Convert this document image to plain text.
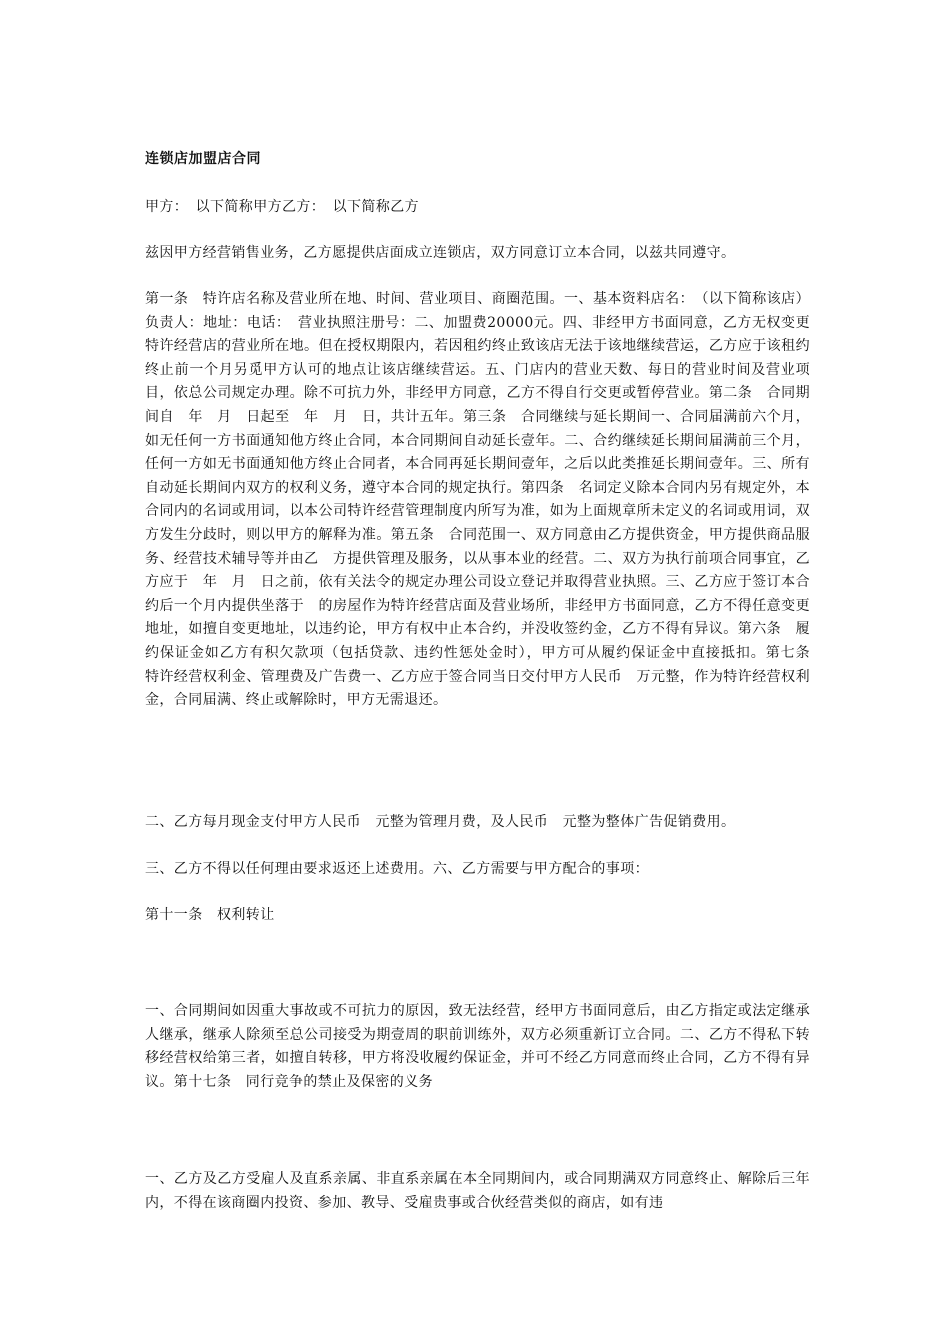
连锁店加盟店合同
甲方：　以下简称甲方乙方：　以下简称乙方
兹因甲方经营销售业务，乙方愿提供店面成立连锁店，双方同意订立本合同，以兹共同遵守。
第一条　特许店名称及营业所在地、时间、营业项目、商圈范围。一、基本资料店名：　（以下简称该店）负责人：地址：电话：　营业执照注册号：二、加盟费20000元。四、非经甲方书面同意，乙方无权变更特许经营店的营业所在地。但在授权期限内，若因租约终止致该店无法于该地继续营运，乙方应于该租约终止前一个月另觅甲方认可的地点让该店继续营运。五、门店内的营业天数、每日的营业时间及营业项目，依总公司规定办理。除不可抗力外，非经甲方同意，乙方不得自行交更或暂停营业。第二条　合同期间自　年　月　日起至　年　月　日，共计五年。第三条　合同继续与延长期间一、合同届满前六个月，如无任何一方书面通知他方终止合同，本合同期间自动延长壹年。二、合约继续延长期间届满前三个月，任何一方如无书面通知他方终止合同者，本合同再延长期间壹年，之后以此类推延长期间壹年。三、所有自动延长期间内双方的权利义务，遵守本合同的规定执行。第四条　名词定义除本合同内另有规定外，本合同内的名词或用词，以本公司特许经营管理制度内所写为准，如为上面规章所未定义的名词或用词，双方发生分歧时，则以甲方的解释为准。第五条　合同范围一、双方同意由乙方提供资金，甲方提供商品服务、经营技术辅导等并由乙　方提供管理及服务，以从事本业的经营。二、双方为执行前项合同事宜，乙方应于　年　月　日之前，依有关法令的规定办理公司设立登记并取得营业执照。三、乙方应于签订本合约后一个月内提供坐落于　的房屋作为特许经营店面及营业场所，非经甲方书面同意，乙方不得任意变更地址，如擅自变更地址，以违约论，甲方有权中止本合约，并没收签约金，乙方不得有异议。第六条　履约保证金如乙方有积欠款项（包括贷款、违约性惩处金时），甲方可从履约保证金中直接抵扣。第七条　特许经营权利金、管理费及广告费一、乙方应于签合同当日交付甲方人民币　万元整，作为特许经营权利金，合同届满、终止或解除时，甲方无需退还。
二、乙方每月现金支付甲方人民币　元整为管理月费，及人民币　元整为整体广告促销费用。
三、乙方不得以任何理由要求返还上述费用。六、乙方需要与甲方配合的事项：
第十一条　权利转让
一、合同期间如因重大事故或不可抗力的原因，致无法经营，经甲方书面同意后，由乙方指定或法定继承人继承，继承人除须至总公司接受为期壹周的职前训练外，双方必须重新订立合同。二、乙方不得私下转移经营权给第三者，如擅自转移，甲方将没收履约保证金，并可不经乙方同意而终止合同，乙方不得有异议。第十七条　同行竞争的禁止及保密的义务
一、乙方及乙方受雇人及直系亲属、非直系亲属在本全同期间内，或合同期满双方同意终止、解除后三年内，不得在该商圈内投资、参加、教导、受雇贵事或合伙经营类似的商店，如有违
